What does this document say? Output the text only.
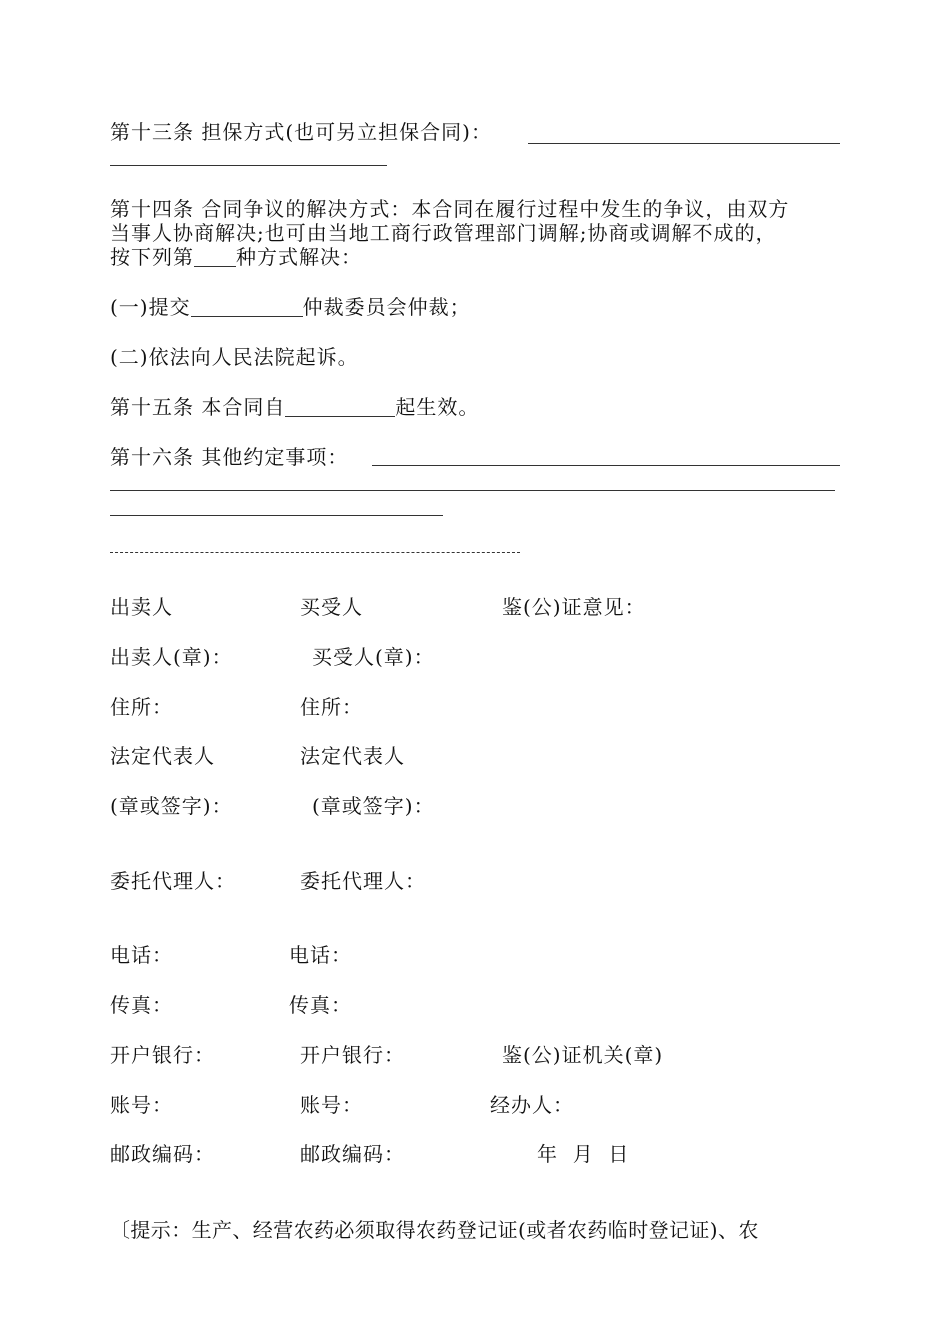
第十三条 担保方式(也可另立担保合同)：
第十四条 合同争议的解决方式：本合同在履行过程中发生的争议，由双方
当事人协商解决;也可由当地工商行政管理部门调解;协商或调解不成的，
按下列第 种方式解决：
(一)提交	仲裁委员会仲裁；
(二)依法向人民法院起诉。
第十五条 本合同自	起生效。
第十六条 其他约定事项：
出卖人
出卖人(章)：
住所：
法定代表人
(章或签字)：
委托代理人：
电话：
传真：
开户银行：
账号：
邮政编码：
买受人
买受人(章)：
住所：
法定代表人
(章或签字)：
委托代理人：
电话：
传真：
开户银行：
账号：
邮政编码：
鉴(公)证意见：
鉴(公)证机关(章)
经办人：
年  月  日
〔提示：生产、经营农药必须取得农药登记证(或者农药临时登记证)、农
